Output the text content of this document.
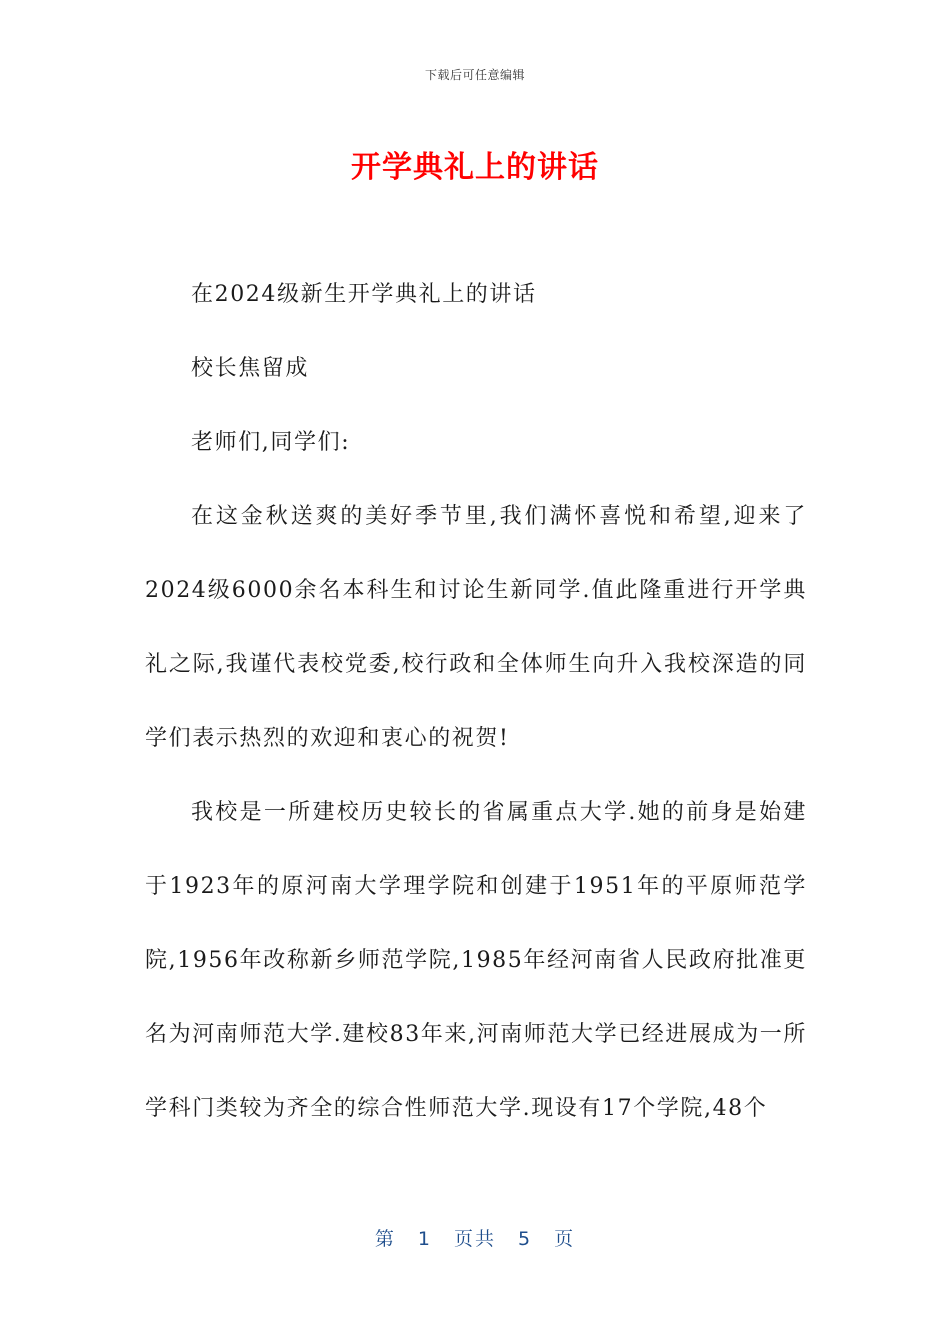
下载后可任意编辑
开学典礼上的讲话

在2024级新生开学典礼上的讲话

校长焦留成

老师们,同学们:

在这金秋送爽的美好季节里,我们满怀喜悦和希望,迎来了2024级6000余名本科生和讨论生新同学.值此隆重进行开学典礼之际,我谨代表校党委,校行政和全体师生向升入我校深造的同学们表示热烈的欢迎和衷心的祝贺!

我校是一所建校历史较长的省属重点大学.她的前身是始建于1923年的原河南大学理学院和创建于1951年的平原师范学院,1956年改称新乡师范学院,1985年经河南省人民政府批准更名为河南师范大学.建校83年来,河南师范大学已经进展成为一所学科门类较为齐全的综合性师范大学.现设有17个学院,48个

第 1 页共 5 页
